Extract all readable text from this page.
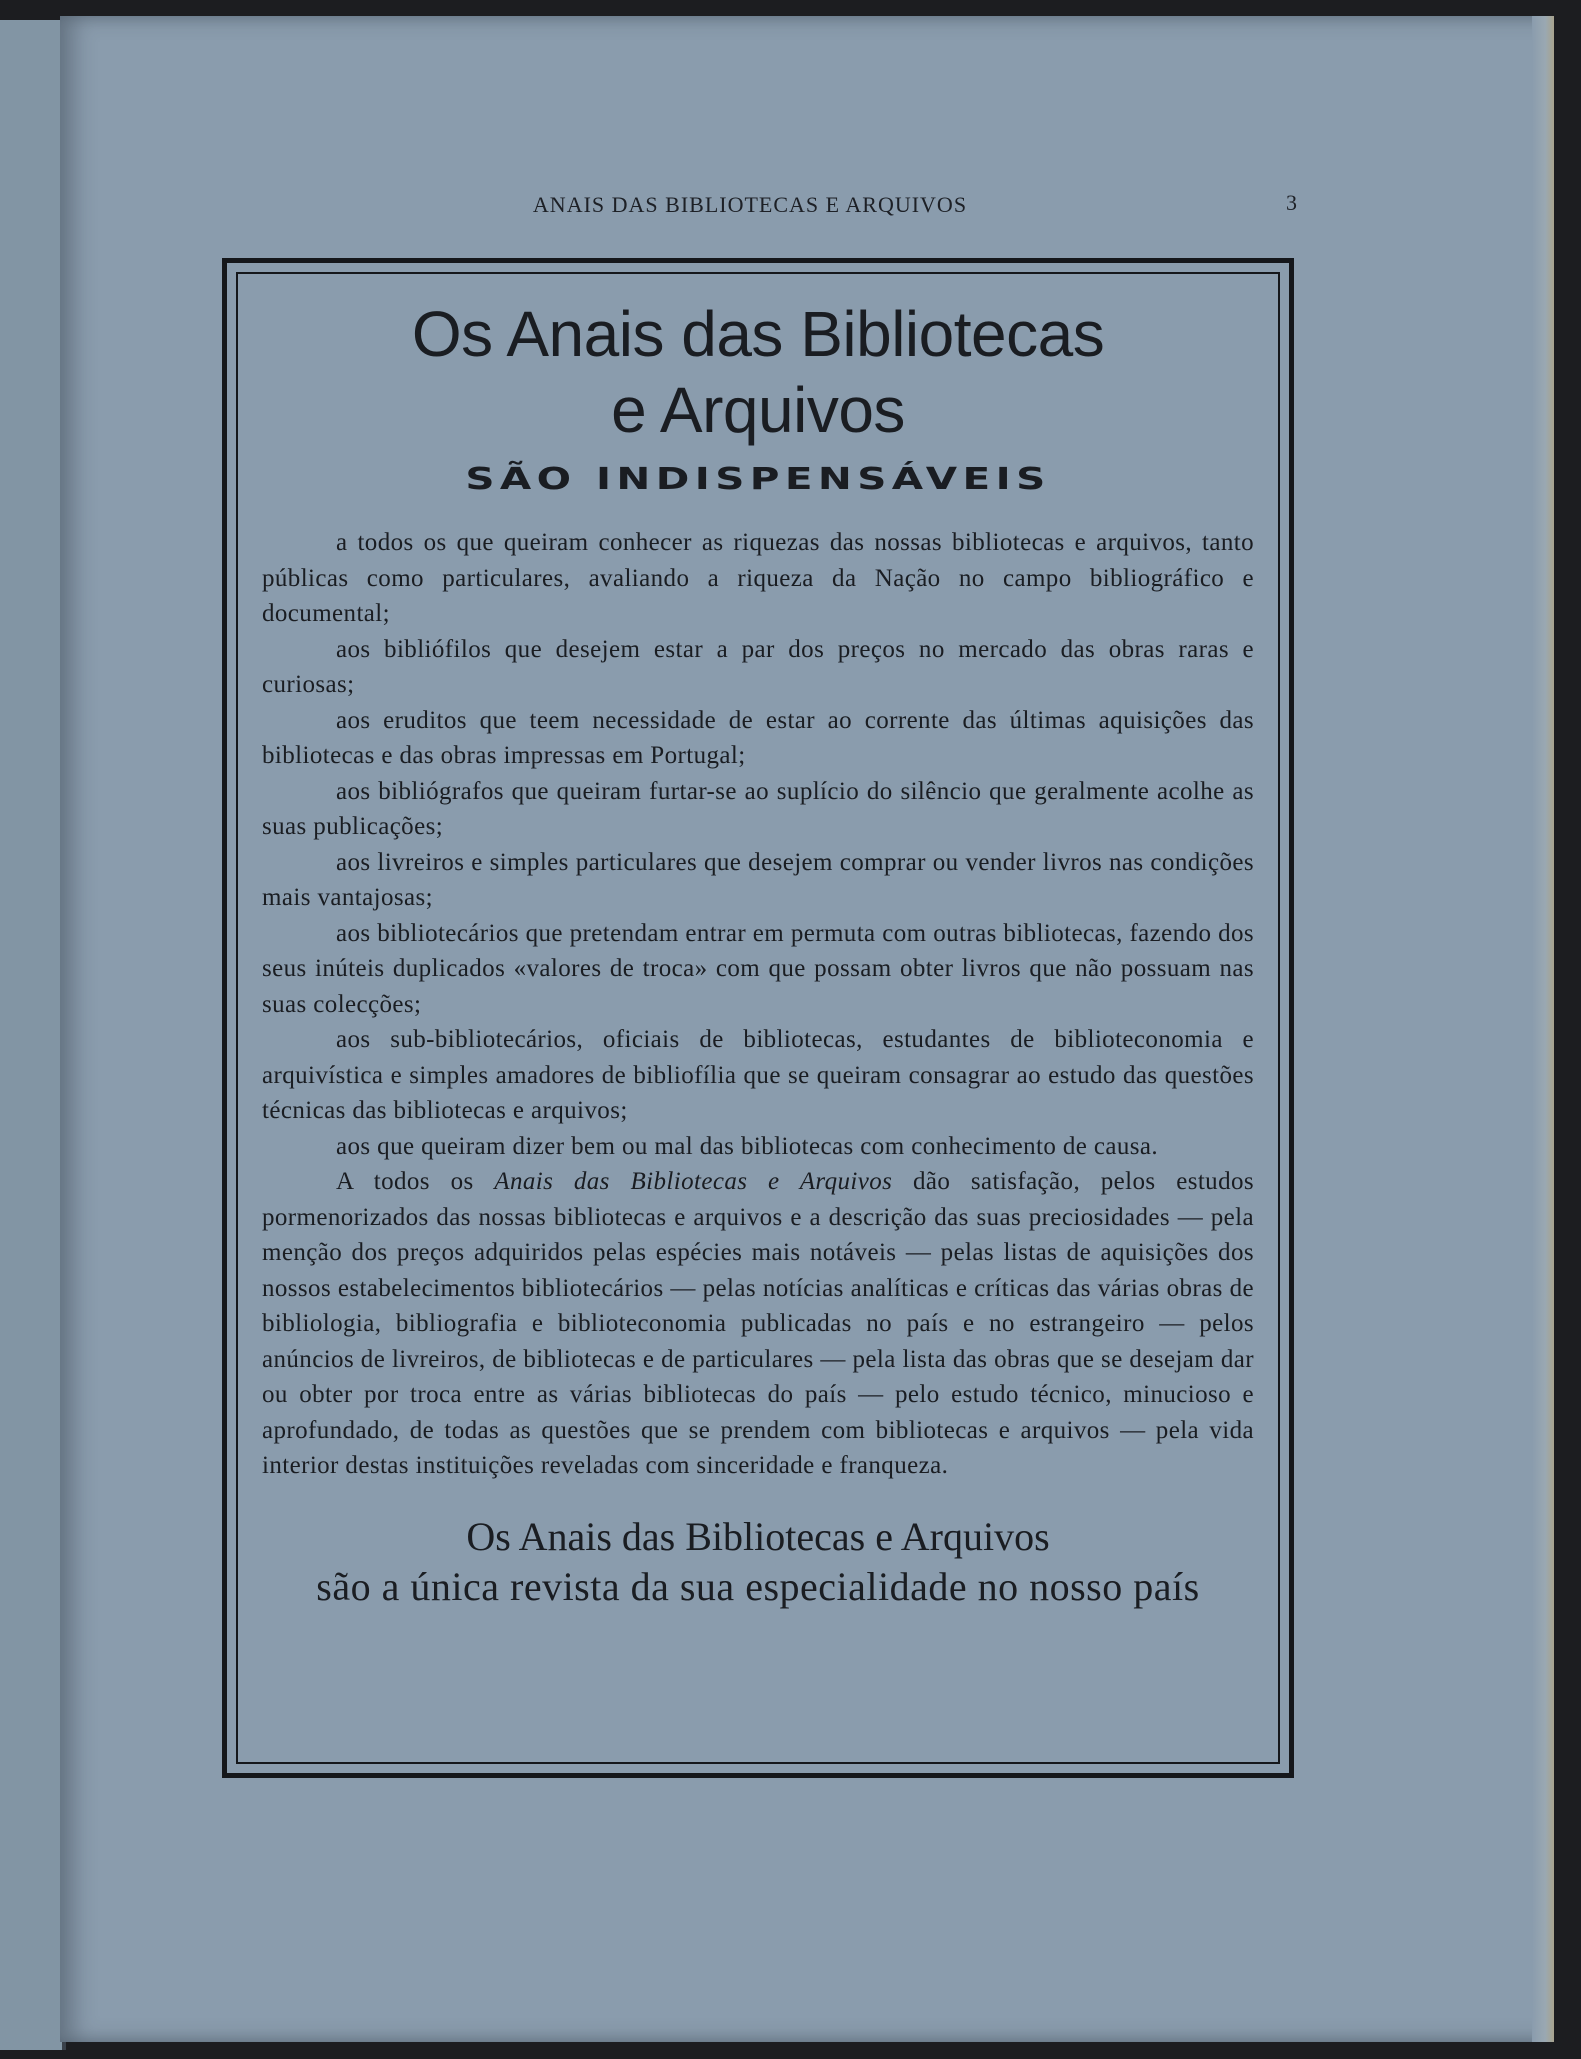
ANAIS DAS BIBLIOTECAS E ARQUIVOS	3
Os Anais das Bibliotecas
e Arquivos
SÃO INDISPENSÁVEIS

a todos os que queiram conhecer as riquezas das nossas bibliotecas e arquivos, tanto públicas como particulares, avaliando a riqueza da Nação no campo bibliográfico e documental;

aos bibliófilos que desejem estar a par dos preços no mercado das obras raras e curiosas;

aos eruditos que teem necessidade de estar ao corrente das últimas aquisições das bibliotecas e das obras impressas em Portugal;

aos bibliógrafos que queiram furtar-se ao suplício do silêncio que geralmente acolhe as suas publicações;

aos livreiros e simples particulares que desejem comprar ou vender livros nas condições mais vantajosas;

aos bibliotecários que pretendam entrar em permuta com outras bibliotecas, fazendo dos seus inúteis duplicados «valores de troca» com que possam obter livros que não possuam nas suas colecções;

aos sub-bibliotecários, oficiais de bibliotecas, estudantes de biblioteconomia e arquivística e simples amadores de bibliofília que se queiram consagrar ao estudo das questões técnicas das bibliotecas e arquivos;

aos que queiram dizer bem ou mal das bibliotecas com conhecimento de causa.

A todos os Anais das Bibliotecas e Arquivos dão satisfação, pelos estudos pormenorizados das nossas bibliotecas e arquivos e a descrição das suas preciosidades — pela menção dos preços adquiridos pelas espécies mais notáveis — pelas listas de aquisições dos nossos estabelecimentos bibliotecários — pelas notícias analíticas e críticas das várias obras de bibliologia, bibliografia e biblioteconomia publicadas no país e no estrangeiro — pelos anúncios de livreiros, de bibliotecas e de particulares — pela lista das obras que se desejam dar ou obter por troca entre as várias bibliotecas do país — pelo estudo técnico, minucioso e aprofundado, de todas as questões que se prendem com bibliotecas e arquivos — pela vida interior destas instituições reveladas com sinceridade e franqueza.

Os Anais das Bibliotecas e Arquivos
são a única revista da sua especialidade no nosso país
